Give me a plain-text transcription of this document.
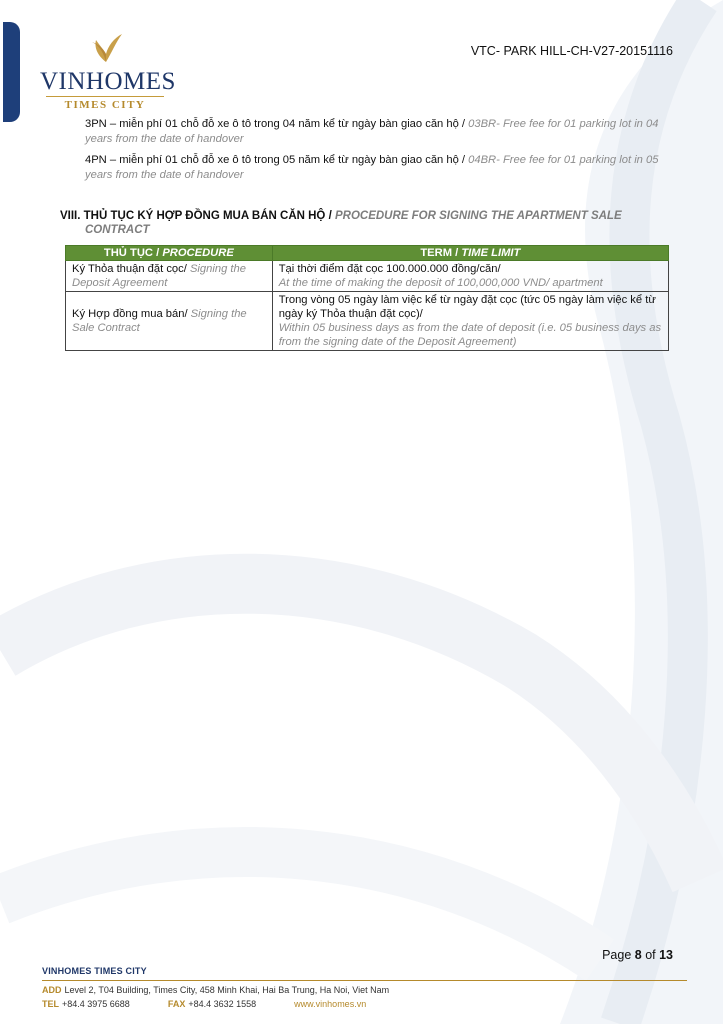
VINHOMES
TIMES CITY
VTC- PARK HILL-CH-V27-20151116
3PN – miễn phí 01 chỗ đỗ xe ô tô trong 04 năm kể từ ngày bàn giao căn hộ / 03BR- Free fee for 01 parking lot in 04 years from the date of handover
4PN – miễn phí 01 chỗ đỗ xe ô tô trong 05 năm kể từ ngày bàn giao căn hộ / 04BR- Free fee for 01 parking lot in 05 years from the date of handover
VIII. THỦ TỤC KÝ HỢP ĐỒNG MUA BÁN CĂN HỘ / PROCEDURE FOR SIGNING THE APARTMENT SALE
CONTRACT
THỦ TỤC / PROCEDURE	TERM / TIME LIMIT
Ký Thỏa thuận đặt cọc/ Signing the Deposit Agreement	Tại thời điểm đặt cọc 100.000.000 đồng/căn/
At the time of making the deposit of 100,000,000 VND/ apartment

Ký Hợp đồng mua bán/ Signing the Sale Contract	Trong vòng 05 ngày làm việc kể từ ngày đặt cọc (tức 05 ngày làm việc kể từ ngày ký Thỏa thuận đặt cọc)/
Within 05 business days as from the date of deposit (i.e. 05 business days as from the signing date of the Deposit Agreement)
Page 8 of 13
VINHOMES TIMES CITY
ADD Level 2, T04 Building, Times City, 458 Minh Khai, Hai Ba Trung, Ha Noi, Viet Nam
TEL +84.4 3975 6688	FAX +84.4 3632 1558	www.vinhomes.vn
